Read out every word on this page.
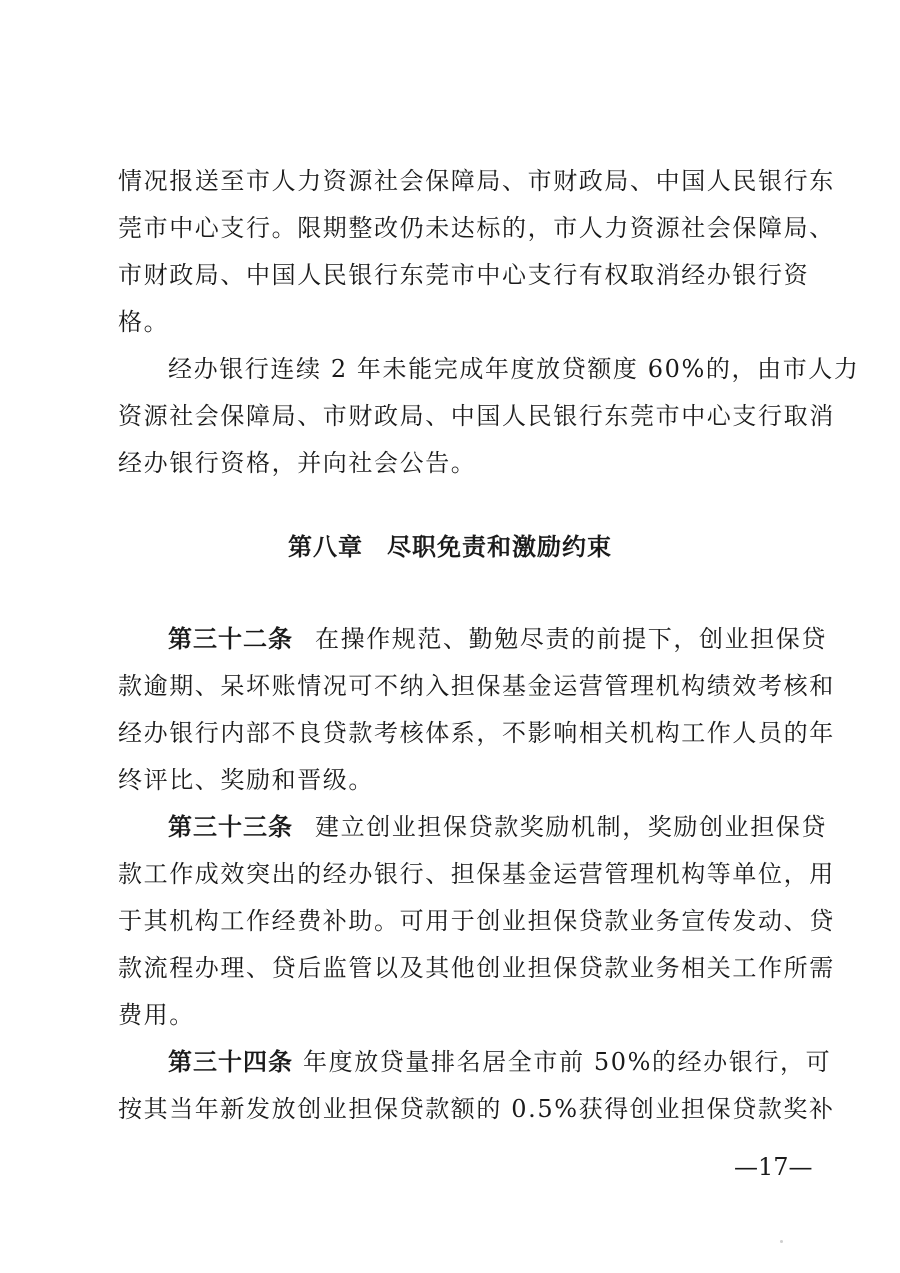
情况报送至市人力资源社会保障局、市财政局、中国人民银行东
莞市中心支行。限期整改仍未达标的，市人力资源社会保障局、
市财政局、中国人民银行东莞市中心支行有权取消经办银行资
格。
经办银行连续 2 年未能完成年度放贷额度 60%的，由市人力
资源社会保障局、市财政局、中国人民银行东莞市中心支行取消
经办银行资格，并向社会公告。
第八章 尽职免责和激励约束
第三十二条 在操作规范、勤勉尽责的前提下，创业担保贷
款逾期、呆坏账情况可不纳入担保基金运营管理机构绩效考核和
经办银行内部不良贷款考核体系，不影响相关机构工作人员的年
终评比、奖励和晋级。
第三十三条 建立创业担保贷款奖励机制，奖励创业担保贷
款工作成效突出的经办银行、担保基金运营管理机构等单位，用
于其机构工作经费补助。可用于创业担保贷款业务宣传发动、贷
款流程办理、贷后监管以及其他创业担保贷款业务相关工作所需
费用。
第三十四条 年度放贷量排名居全市前 50%的经办银行，可
按其当年新发放创业担保贷款额的 0.5%获得创业担保贷款奖补
—17—
